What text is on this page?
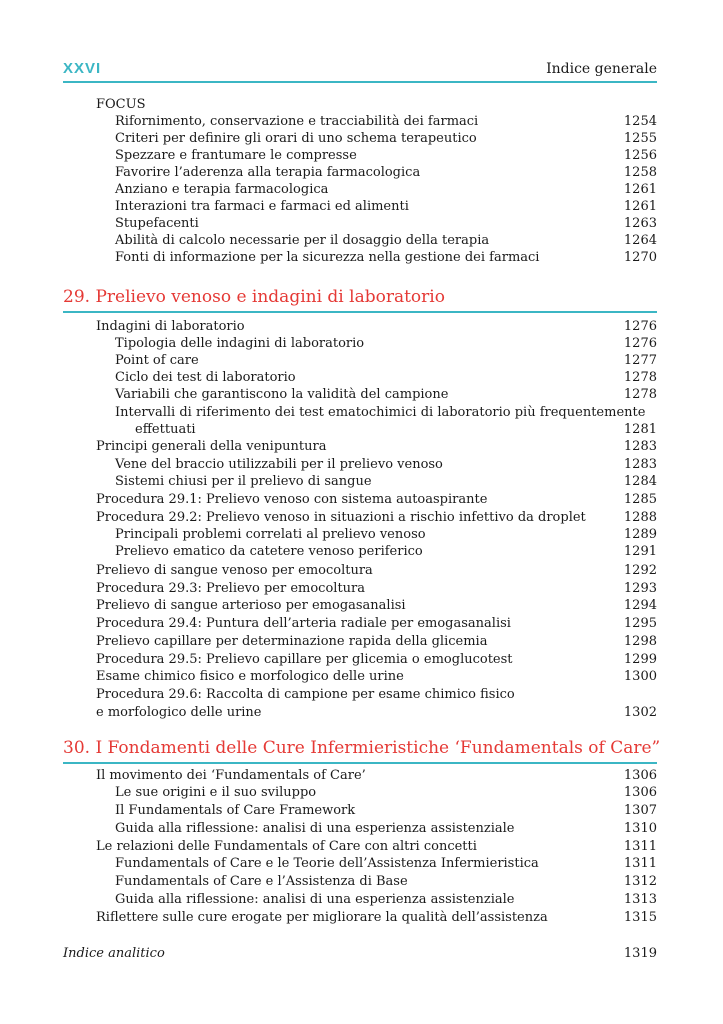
XXVI	Indice generale
FOCUS
Rifornimento, conservazione e tracciabilità dei farmaci	1254
Criteri per definire gli orari di uno schema terapeutico	1255
Spezzare e frantumare le compresse	1256
Favorire l’aderenza alla terapia farmacologica	1258
Anziano e terapia farmacologica	1261
Interazioni tra farmaci e farmaci ed alimenti	1261
Stupefacenti	1263
Abilità di calcolo necessarie per il dosaggio della terapia	1264
Fonti di informazione per la sicurezza nella gestione dei farmaci	1270
29. Prelievo venoso e indagini di laboratorio
Indagini di laboratorio	1276
Tipologia delle indagini di laboratorio	1276
Point of care	1277
Ciclo dei test di laboratorio	1278
Variabili che garantiscono la validità del campione	1278
Intervalli di riferimento dei test ematochimici di laboratorio più frequentemente
effettuati	1281
Principi generali della venipuntura	1283
Vene del braccio utilizzabili per il prelievo venoso	1283
Sistemi chiusi per il prelievo di sangue	1284
Procedura 29.1: Prelievo venoso con sistema autoaspirante	1285
Procedura 29.2: Prelievo venoso in situazioni a rischio infettivo da droplet	1288
Principali problemi correlati al prelievo venoso	1289
Prelievo ematico da catetere venoso periferico	1291
Prelievo di sangue venoso per emocoltura	1292
Procedura 29.3: Prelievo per emocoltura	1293
Prelievo di sangue arterioso per emogasanalisi	1294
Procedura 29.4: Puntura dell’arteria radiale per emogasanalisi	1295
Prelievo capillare per determinazione rapida della glicemia	1298
Procedura 29.5: Prelievo capillare per glicemia o emoglucotest	1299
Esame chimico fisico e morfologico delle urine	1300
Procedura 29.6: Raccolta di campione per esame chimico fisico
e morfologico delle urine	1302
30. I Fondamenti delle Cure Infermieristiche ‘Fundamentals of Care”
Il movimento dei ‘Fundamentals of Care’	1306
Le sue origini e il suo sviluppo	1306
Il Fundamentals of Care Framework	1307
Guida alla riflessione: analisi di una esperienza assistenziale	1310
Le relazioni delle Fundamentals of Care con altri concetti	1311
Fundamentals of Care e le Teorie dell’Assistenza Infermieristica	1311
Fundamentals of Care e l’Assistenza di Base	1312
Guida alla riflessione: analisi di una esperienza assistenziale	1313
Riflettere sulle cure erogate per migliorare la qualità dell’assistenza	1315
Indice analitico	1319
